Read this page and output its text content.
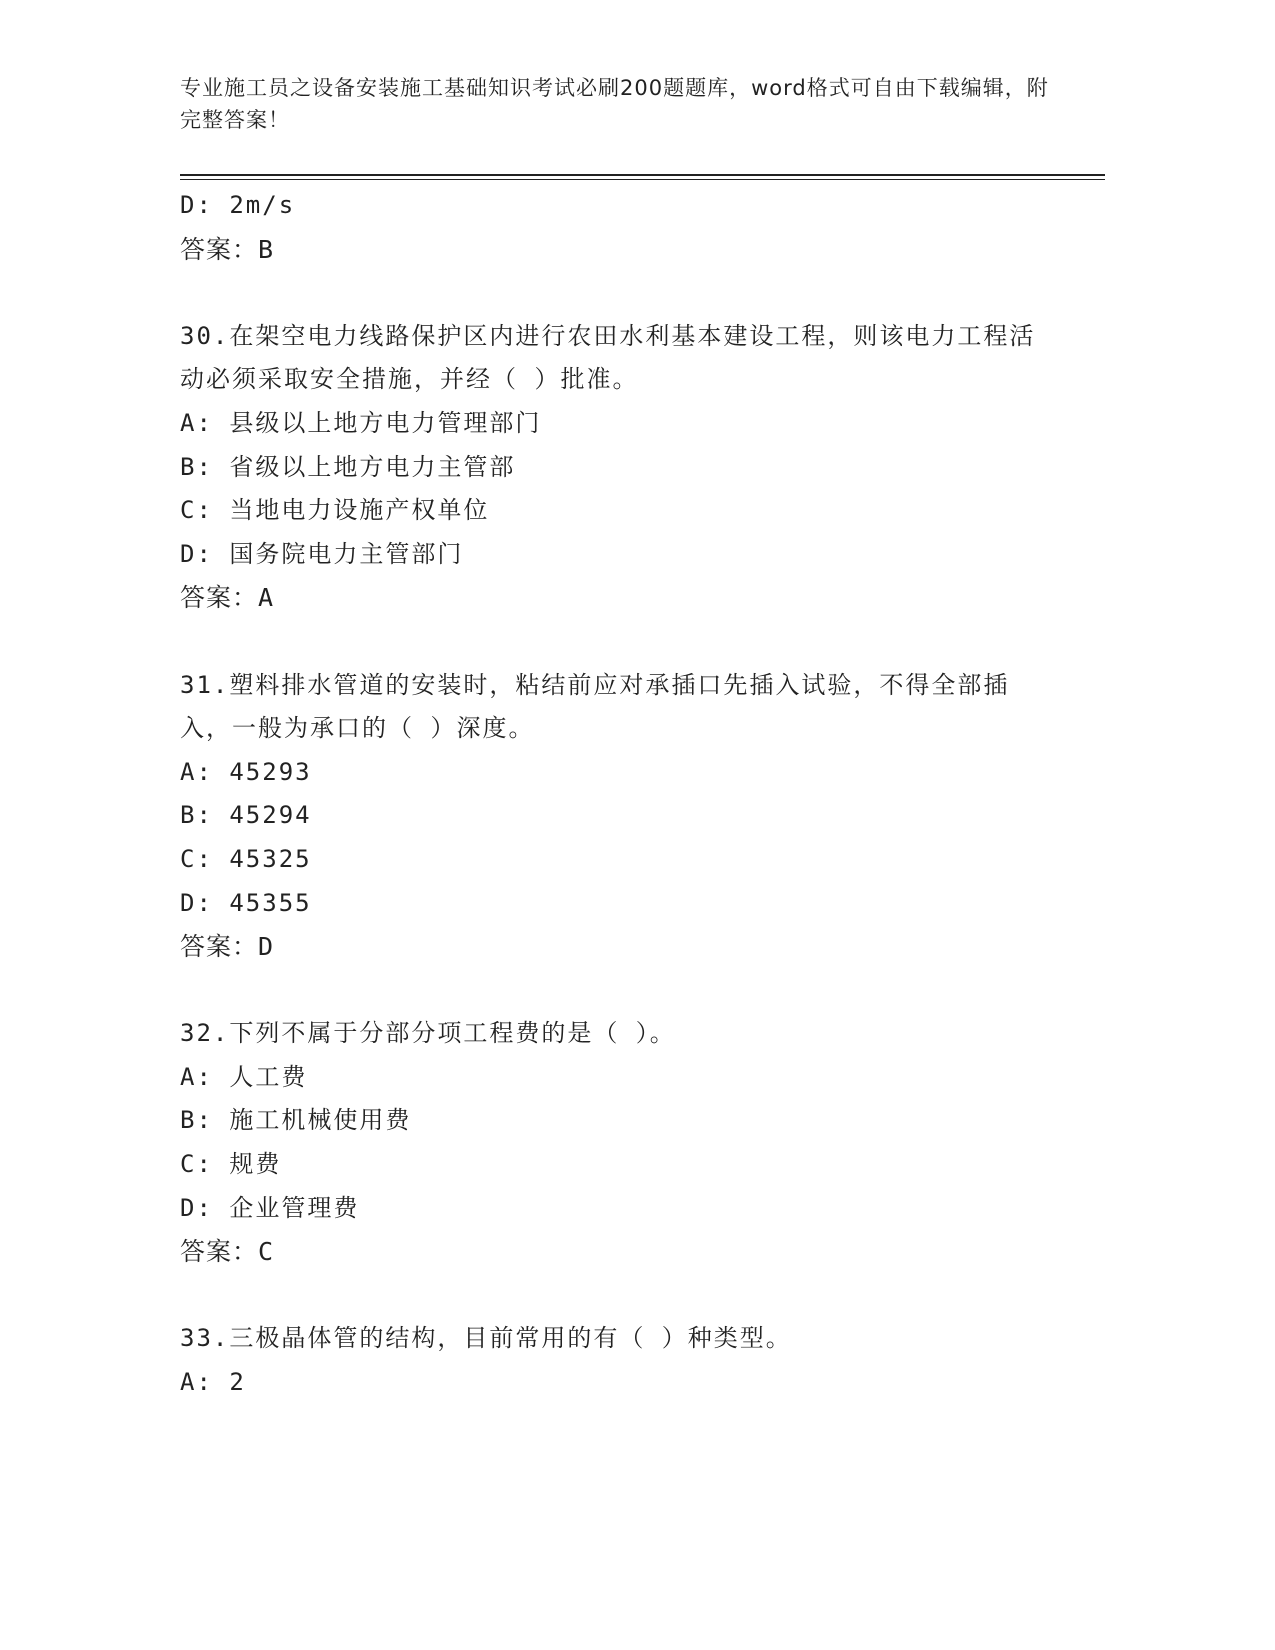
专业施工员之设备安装施工基础知识考试必刷200题题库，word格式可自由下载编辑，附完整答案！
D: 2m/s
答案：B
30.在架空电力线路保护区内进行农田水利基本建设工程，则该电力工程活动必须采取安全措施，并经（ ）批准。
A: 县级以上地方电力管理部门
B: 省级以上地方电力主管部
C: 当地电力设施产权单位
D: 国务院电力主管部门
答案：A
31.塑料排水管道的安装时，粘结前应对承插口先插入试验，不得全部插入，一般为承口的（ ）深度。
A: 45293
B: 45294
C: 45325
D: 45355
答案：D
32.下列不属于分部分项工程费的是（ ）。
A: 人工费
B: 施工机械使用费
C: 规费
D: 企业管理费
答案：C
33.三极晶体管的结构，目前常用的有（ ）种类型。
A: 2
